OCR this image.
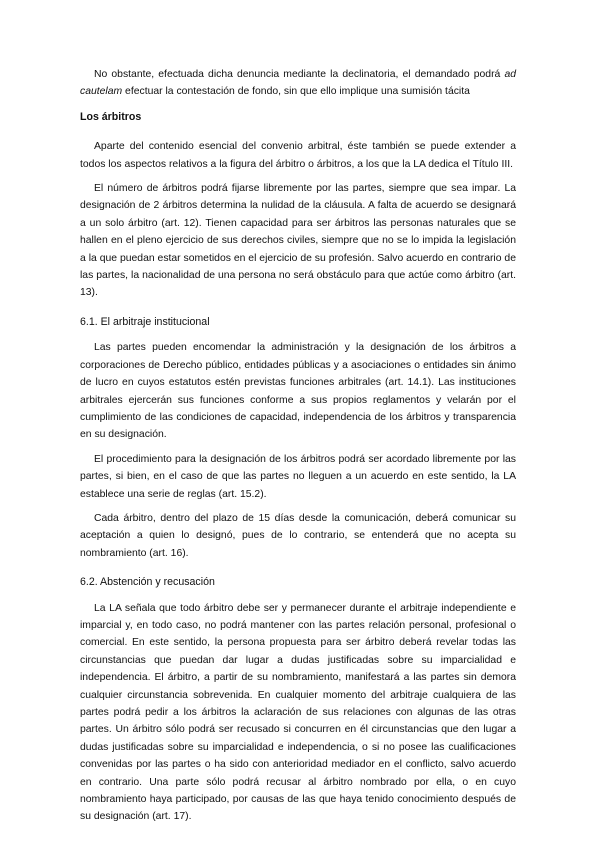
No obstante, efectuada dicha denuncia mediante la declinatoria, el demandado podrá ad cautelam efectuar la contestación de fondo, sin que ello implique una sumisión tácita

Los árbitros

Aparte del contenido esencial del convenio arbitral, éste también se puede extender a todos los aspectos relativos a la figura del árbitro o árbitros, a los que la LA dedica el Título III.

El número de árbitros podrá fijarse libremente por las partes, siempre que sea impar. La designación de 2 árbitros determina la nulidad de la cláusula. A falta de acuerdo se designará a un solo árbitro (art. 12). Tienen capacidad para ser árbitros las personas naturales que se hallen en el pleno ejercicio de sus derechos civiles, siempre que no se lo impida la legislación a la que puedan estar sometidos en el ejercicio de su profesión. Salvo acuerdo en contrario de las partes, la nacionalidad de una persona no será obstáculo para que actúe como árbitro (art. 13).

6.1. El arbitraje institucional

Las partes pueden encomendar la administración y la designación de los árbitros a corporaciones de Derecho público, entidades públicas y a asociaciones o entidades sin ánimo de lucro en cuyos estatutos estén previstas funciones arbitrales (art. 14.1). Las instituciones arbitrales ejercerán sus funciones conforme a sus propios reglamentos y velarán por el cumplimiento de las condiciones de capacidad, independencia de los árbitros y transparencia en su designación.

El procedimiento para la designación de los árbitros podrá ser acordado libremente por las partes, si bien, en el caso de que las partes no lleguen a un acuerdo en este sentido, la LA establece una serie de reglas (art. 15.2).

Cada árbitro, dentro del plazo de 15 días desde la comunicación, deberá comunicar su aceptación a quien lo designó, pues de lo contrario, se entenderá que no acepta su nombramiento (art. 16).

6.2. Abstención y recusación

La LA señala que todo árbitro debe ser y permanecer durante el arbitraje independiente e imparcial y, en todo caso, no podrá mantener con las partes relación personal, profesional o comercial. En este sentido, la persona propuesta para ser árbitro deberá revelar todas las circunstancias que puedan dar lugar a dudas justificadas sobre su imparcialidad e independencia. El árbitro, a partir de su nombramiento, manifestará a las partes sin demora cualquier circunstancia sobrevenida. En cualquier momento del arbitraje cualquiera de las partes podrá pedir a los árbitros la aclaración de sus relaciones con algunas de las otras partes. Un árbitro sólo podrá ser recusado si concurren en él circunstancias que den lugar a dudas justificadas sobre su imparcialidad e independencia, o si no posee las cualificaciones convenidas por las partes o ha sido con anterioridad mediador en el conflicto, salvo acuerdo en contrario. Una parte sólo podrá recusar al árbitro nombrado por ella, o en cuyo nombramiento haya participado, por causas de las que haya tenido conocimiento después de su designación (art. 17).
